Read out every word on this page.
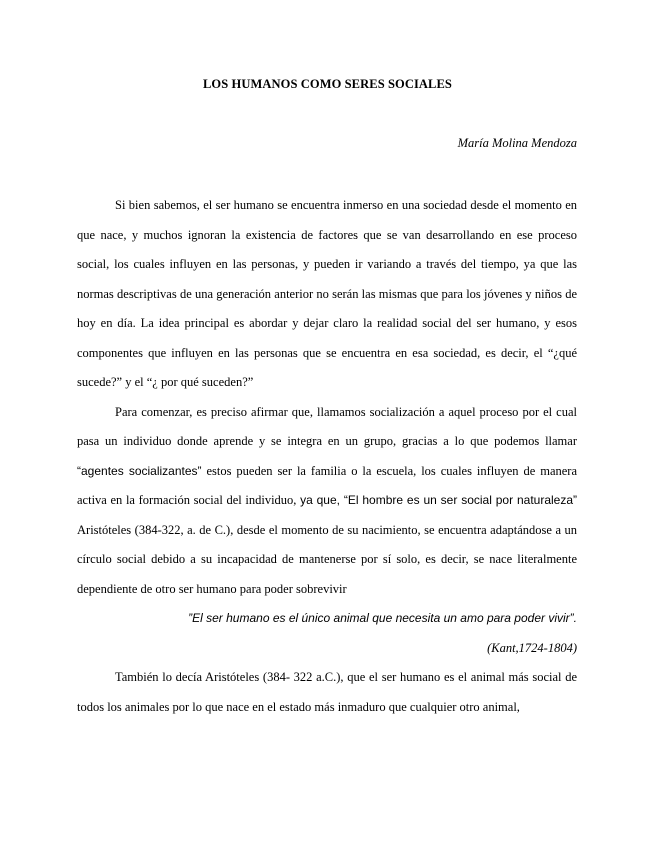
LOS HUMANOS COMO SERES SOCIALES
María Molina Mendoza

Si bien sabemos, el ser humano se encuentra inmerso en una sociedad desde el momento en que nace, y muchos ignoran la existencia de factores que se van desarrollando en ese proceso social, los cuales influyen en las personas, y pueden ir variando a través del tiempo, ya que las normas descriptivas de una generación anterior no serán las mismas que para los jóvenes y niños de hoy en día. La idea principal es abordar y dejar claro la realidad social del ser humano, y esos componentes que influyen en las personas que se encuentra en esa sociedad, es decir, el “¿qué sucede?” y el “¿ por qué suceden?”

Para comenzar, es preciso afirmar que, llamamos socialización a aquel proceso por el cual pasa un individuo donde aprende y se integra en un grupo, gracias a lo que podemos llamar “agentes socializantes” estos pueden ser la familia o la escuela, los cuales influyen de manera activa en la formación social del individuo, ya que, “El hombre es un ser social por naturaleza” Aristóteles (384-322, a. de C.), desde el momento de su nacimiento, se encuentra adaptándose a un círculo social debido a su incapacidad de mantenerse por sí solo, es decir, se nace literalmente dependiente de otro ser humano para poder sobrevivir

”El ser humano es el único animal que necesita un amo para poder vivir”.

(Kant,1724-1804)

También lo decía Aristóteles (384- 322 a.C.), que el ser humano es el animal más social de todos los animales por lo que nace en el estado más inmaduro que cualquier otro animal,
